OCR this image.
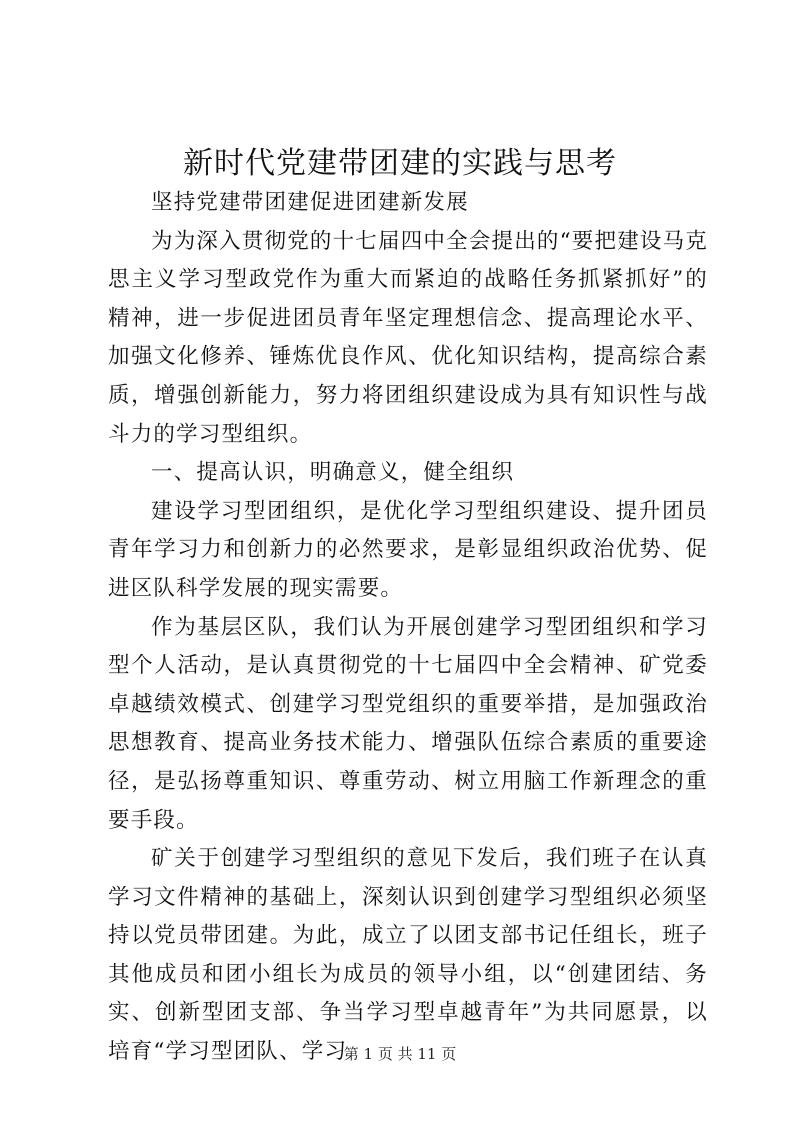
新时代党建带团建的实践与思考

坚持党建带团建促进团建新发展

为为深入贯彻党的十七届四中全会提出的“要把建设马克思主义学习型政党作为重大而紧迫的战略任务抓紧抓好”的精神，进一步促进团员青年坚定理想信念、提高理论水平、加强文化修养、锤炼优良作风、优化知识结构，提高综合素质，增强创新能力，努力将团组织建设成为具有知识性与战斗力的学习型组织。

一、提高认识，明确意义，健全组织

建设学习型团组织，是优化学习型组织建设、提升团员青年学习力和创新力的必然要求，是彰显组织政治优势、促进区队科学发展的现实需要。

作为基层区队，我们认为开展创建学习型团组织和学习型个人活动，是认真贯彻党的十七届四中全会精神、矿党委卓越绩效模式、创建学习型党组织的重要举措，是加强政治思想教育、提高业务技术能力、增强队伍综合素质的重要途径，是弘扬尊重知识、尊重劳动、树立用脑工作新理念的重要手段。

矿关于创建学习型组织的意见下发后，我们班子在认真学习文件精神的基础上，深刻认识到创建学习型组织必须坚持以党员带团建。为此，成立了以团支部书记任组长，班子其他成员和团小组长为成员的领导小组，以“创建团结、务实、创新型团支部、争当学习型卓越青年”为共同愿景，以培育“学习型团队、学习

第 1 页 共 11 页
